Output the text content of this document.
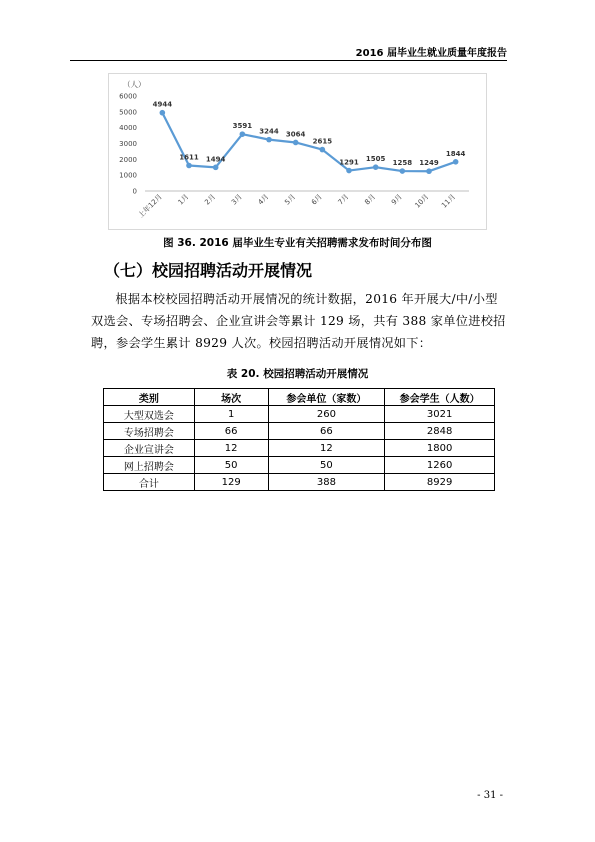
2016 届毕业生就业质量年度报告
（人）
0
1000
2000
3000
4000
5000
6000
上年12月 1月 2月 3月 4月 5月 6月 7月 8月 9月 10月 11月
4944
1611 1494
3591
3244 3064
2615
1291 1505 1258 1249
1844
图 36. 2016 届毕业生专业有关招聘需求发布时间分布图
（七）校园招聘活动开展情况
根据本校校园招聘活动开展情况的统计数据，2016 年开展大/中/小型双选会、专场招聘会、企业宣讲会等累计 129 场，共有 388 家单位进校招聘，参会学生累计 8929 人次。校园招聘活动开展情况如下：
表 20. 校园招聘活动开展情况
类别	场次	参会单位（家数）	参会学生（人数）
大型双选会	1	260	3021
专场招聘会	66	66	2848
企业宣讲会	12	12	1800
网上招聘会	50	50	1260
合计	129	388	8929
- 31 -
